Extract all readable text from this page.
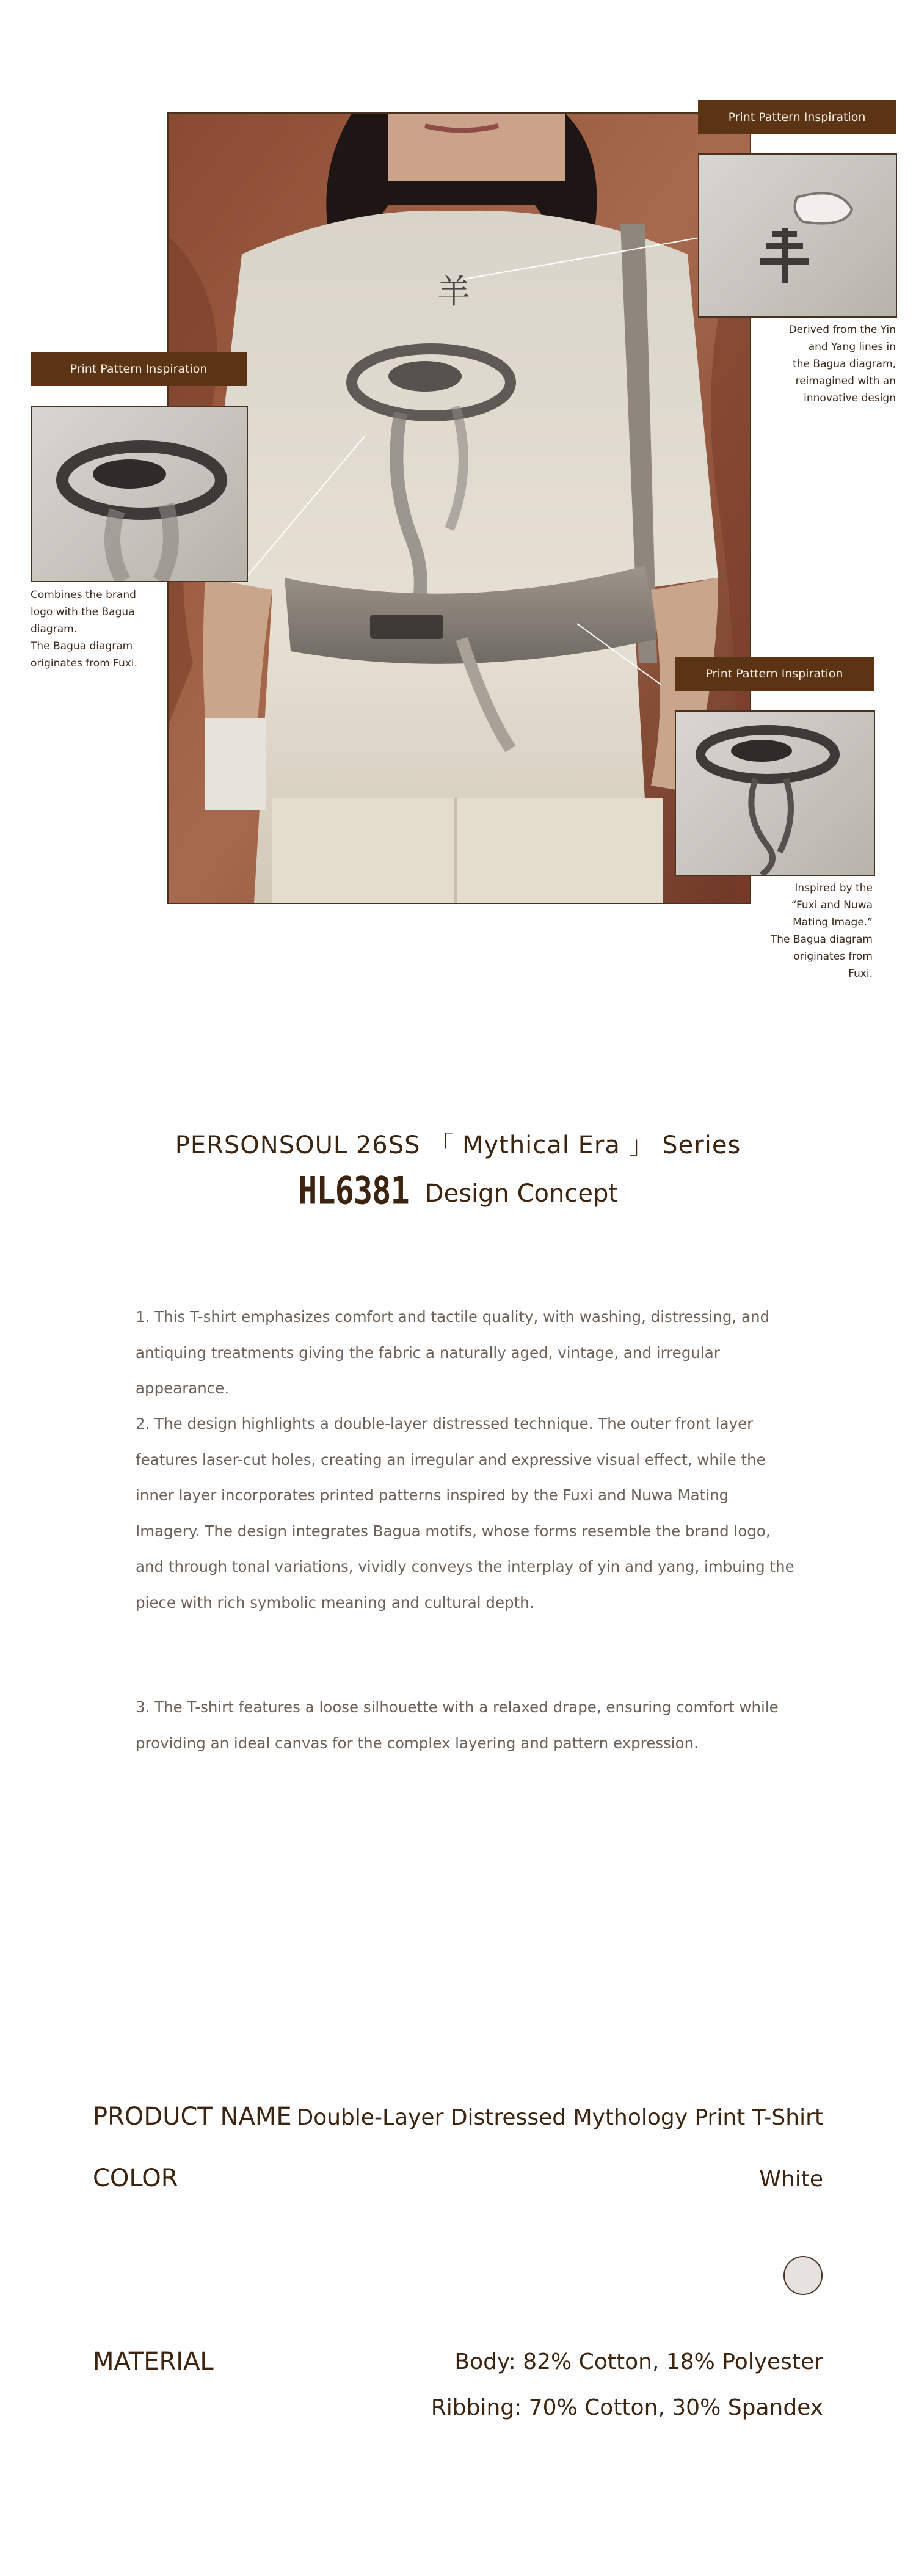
羊
Print Pattern Inspiration
Derived from the Yin
and Yang lines in
the Bagua diagram,
reimagined with an
innovative design
Print Pattern Inspiration
Combines the brand
logo with the Bagua
diagram.
The Bagua diagram
originates from Fuxi.
Print Pattern Inspiration
Inspired by the
“Fuxi and Nuwa
Mating Image.”
The Bagua diagram
originates from
Fuxi.
PERSONSOUL 26SS 「 Mythical Era 」 Series
HL6381 Design Concept
1. This T-shirt emphasizes comfort and tactile quality, with washing, distressing, and antiquing treatments giving the fabric a naturally aged, vintage, and irregular appearance.
2. The design highlights a double-layer distressed technique. The outer front layer features laser-cut holes, creating an irregular and expressive visual effect, while the inner layer incorporates printed patterns inspired by the Fuxi and Nuwa Mating Imagery. The design integrates Bagua motifs, whose forms resemble the brand logo, and through tonal variations, vividly conveys the interplay of yin and yang, imbuing the piece with rich symbolic meaning and cultural depth.
3. The T-shirt features a loose silhouette with a relaxed drape, ensuring comfort while providing an ideal canvas for the complex layering and pattern expression.
PRODUCT NAME Double-Layer Distressed Mythology Print T-Shirt
COLOR	White
MATERIAL	Body: 82% Cotton, 18% Polyester
Ribbing: 70% Cotton, 30% Spandex
